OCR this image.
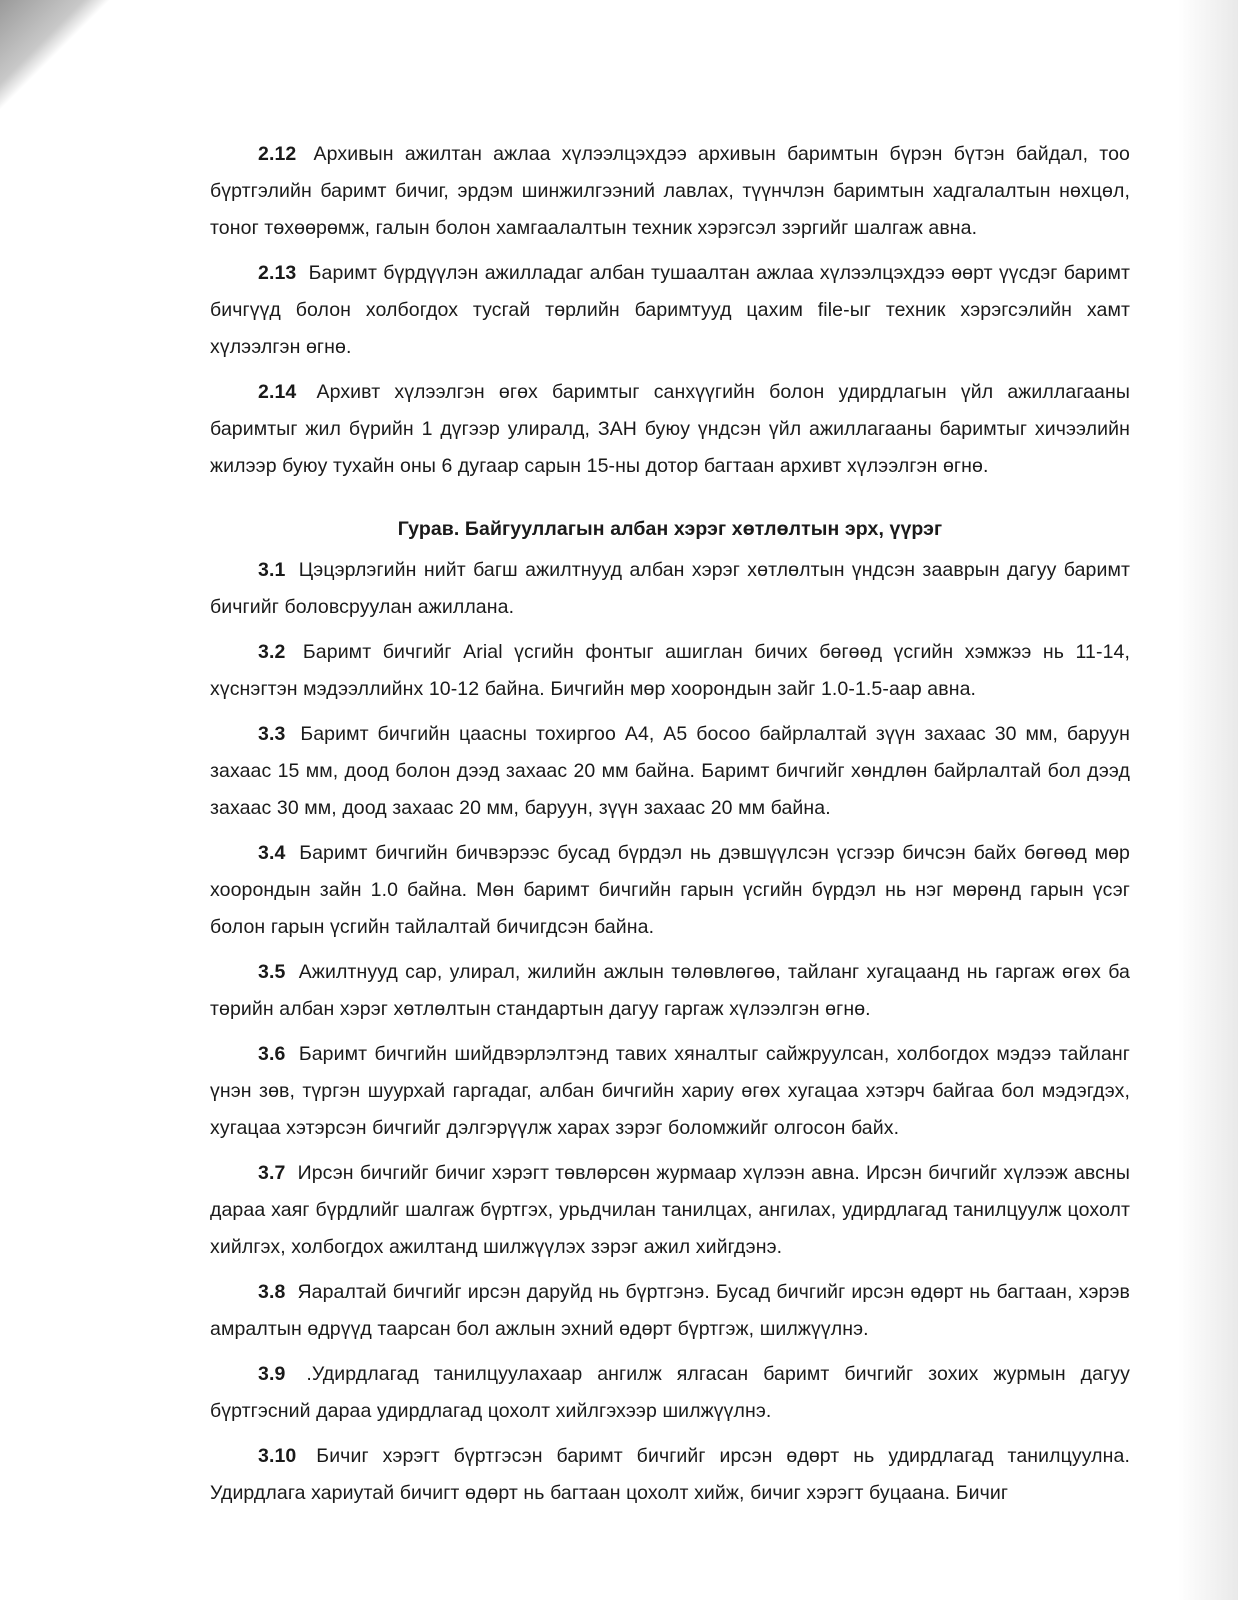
2.12 Архивын ажилтан ажлаа хүлээлцэхдээ архивын баримтын бүрэн бүтэн байдал, тоо бүртгэлийн баримт бичиг, эрдэм шинжилгээний лавлах, түүнчлэн баримтын хадгалалтын нөхцөл, тоног төхөөрөмж, галын болон хамгаалалтын техник хэрэгсэл зэргийг шалгаж авна.

2.13 Баримт бүрдүүлэн ажилладаг албан тушаалтан ажлаа хүлээлцэхдээ өөрт үүсдэг баримт бичгүүд болон холбогдох тусгай төрлийн баримтууд цахим file-ыг техник хэрэгсэлийн хамт хүлээлгэн өгнө.

2.14 Архивт хүлээлгэн өгөх баримтыг санхүүгийн болон удирдлагын үйл ажиллагааны баримтыг жил бүрийн 1 дүгээр улиралд, ЗАН буюу үндсэн үйл ажиллагааны баримтыг хичээлийн жилээр буюу тухайн оны 6 дугаар сарын 15-ны дотор багтаан архивт хүлээлгэн өгнө.

Гурав. Байгууллагын албан хэрэг хөтлөлтын эрх, үүрэг

3.1 Цэцэрлэгийн нийт багш ажилтнууд албан хэрэг хөтлөлтын үндсэн зааврын дагуу баримт бичгийг боловсруулан ажиллана.

3.2 Баримт бичгийг Arial үсгийн фонтыг ашиглан бичих бөгөөд үсгийн хэмжээ нь 11-14, хүснэгтэн мэдээллийнх 10-12 байна. Бичгийн мөр хоорондын зайг 1.0-1.5-аар авна.

3.3 Баримт бичгийн цаасны тохиргоо А4, А5 босоо байрлалтай зүүн захаас 30 мм, баруун захаас 15 мм, доод болон дээд захаас 20 мм байна. Баримт бичгийг хөндлөн байрлалтай бол дээд захаас 30 мм, доод захаас 20 мм, баруун, зүүн захаас 20 мм байна.

3.4 Баримт бичгийн бичвэрээс бусад бүрдэл нь дэвшүүлсэн үсгээр бичсэн байх бөгөөд мөр хоорондын зайн 1.0 байна. Мөн баримт бичгийн гарын үсгийн бүрдэл нь нэг мөрөнд гарын үсэг болон гарын үсгийн тайлалтай бичигдсэн байна.

3.5 Ажилтнууд сар, улирал, жилийн ажлын төлөвлөгөө, тайланг хугацаанд нь гаргаж өгөх ба төрийн албан хэрэг хөтлөлтын стандартын дагуу гаргаж хүлээлгэн өгнө.

3.6 Баримт бичгийн шийдвэрлэлтэнд тавих хяналтыг сайжруулсан, холбогдох мэдээ тайланг үнэн зөв, түргэн шуурхай гаргадаг, албан бичгийн хариу өгөх хугацаа хэтэрч байгаа бол мэдэгдэх, хугацаа хэтэрсэн бичгийг дэлгэрүүлж харах зэрэг боломжийг олгосон байх.

3.7 Ирсэн бичгийг бичиг хэрэгт төвлөрсөн журмаар хүлээн авна. Ирсэн бичгийг хүлээж авсны дараа хаяг бүрдлийг шалгаж бүртгэх, урьдчилан танилцах, ангилах, удирдлагад танилцуулж цохолт хийлгэх, холбогдох ажилтанд шилжүүлэх зэрэг ажил хийгдэнэ.

3.8 Яаралтай бичгийг ирсэн даруйд нь бүртгэнэ. Бусад бичгийг ирсэн өдөрт нь багтаан, хэрэв амралтын өдрүүд таарсан бол ажлын эхний өдөрт бүртгэж, шилжүүлнэ.

3.9 .Удирдлагад танилцуулахаар ангилж ялгасан баримт бичгийг зохих журмын дагуу бүртгэсний дараа удирдлагад цохолт хийлгэхээр шилжүүлнэ.

3.10 Бичиг хэрэгт бүртгэсэн баримт бичгийг ирсэн өдөрт нь удирдлагад танилцуулна. Удирдлага хариутай бичигт өдөрт нь багтаан цохолт хийж, бичиг хэрэгт буцаана. Бичиг
